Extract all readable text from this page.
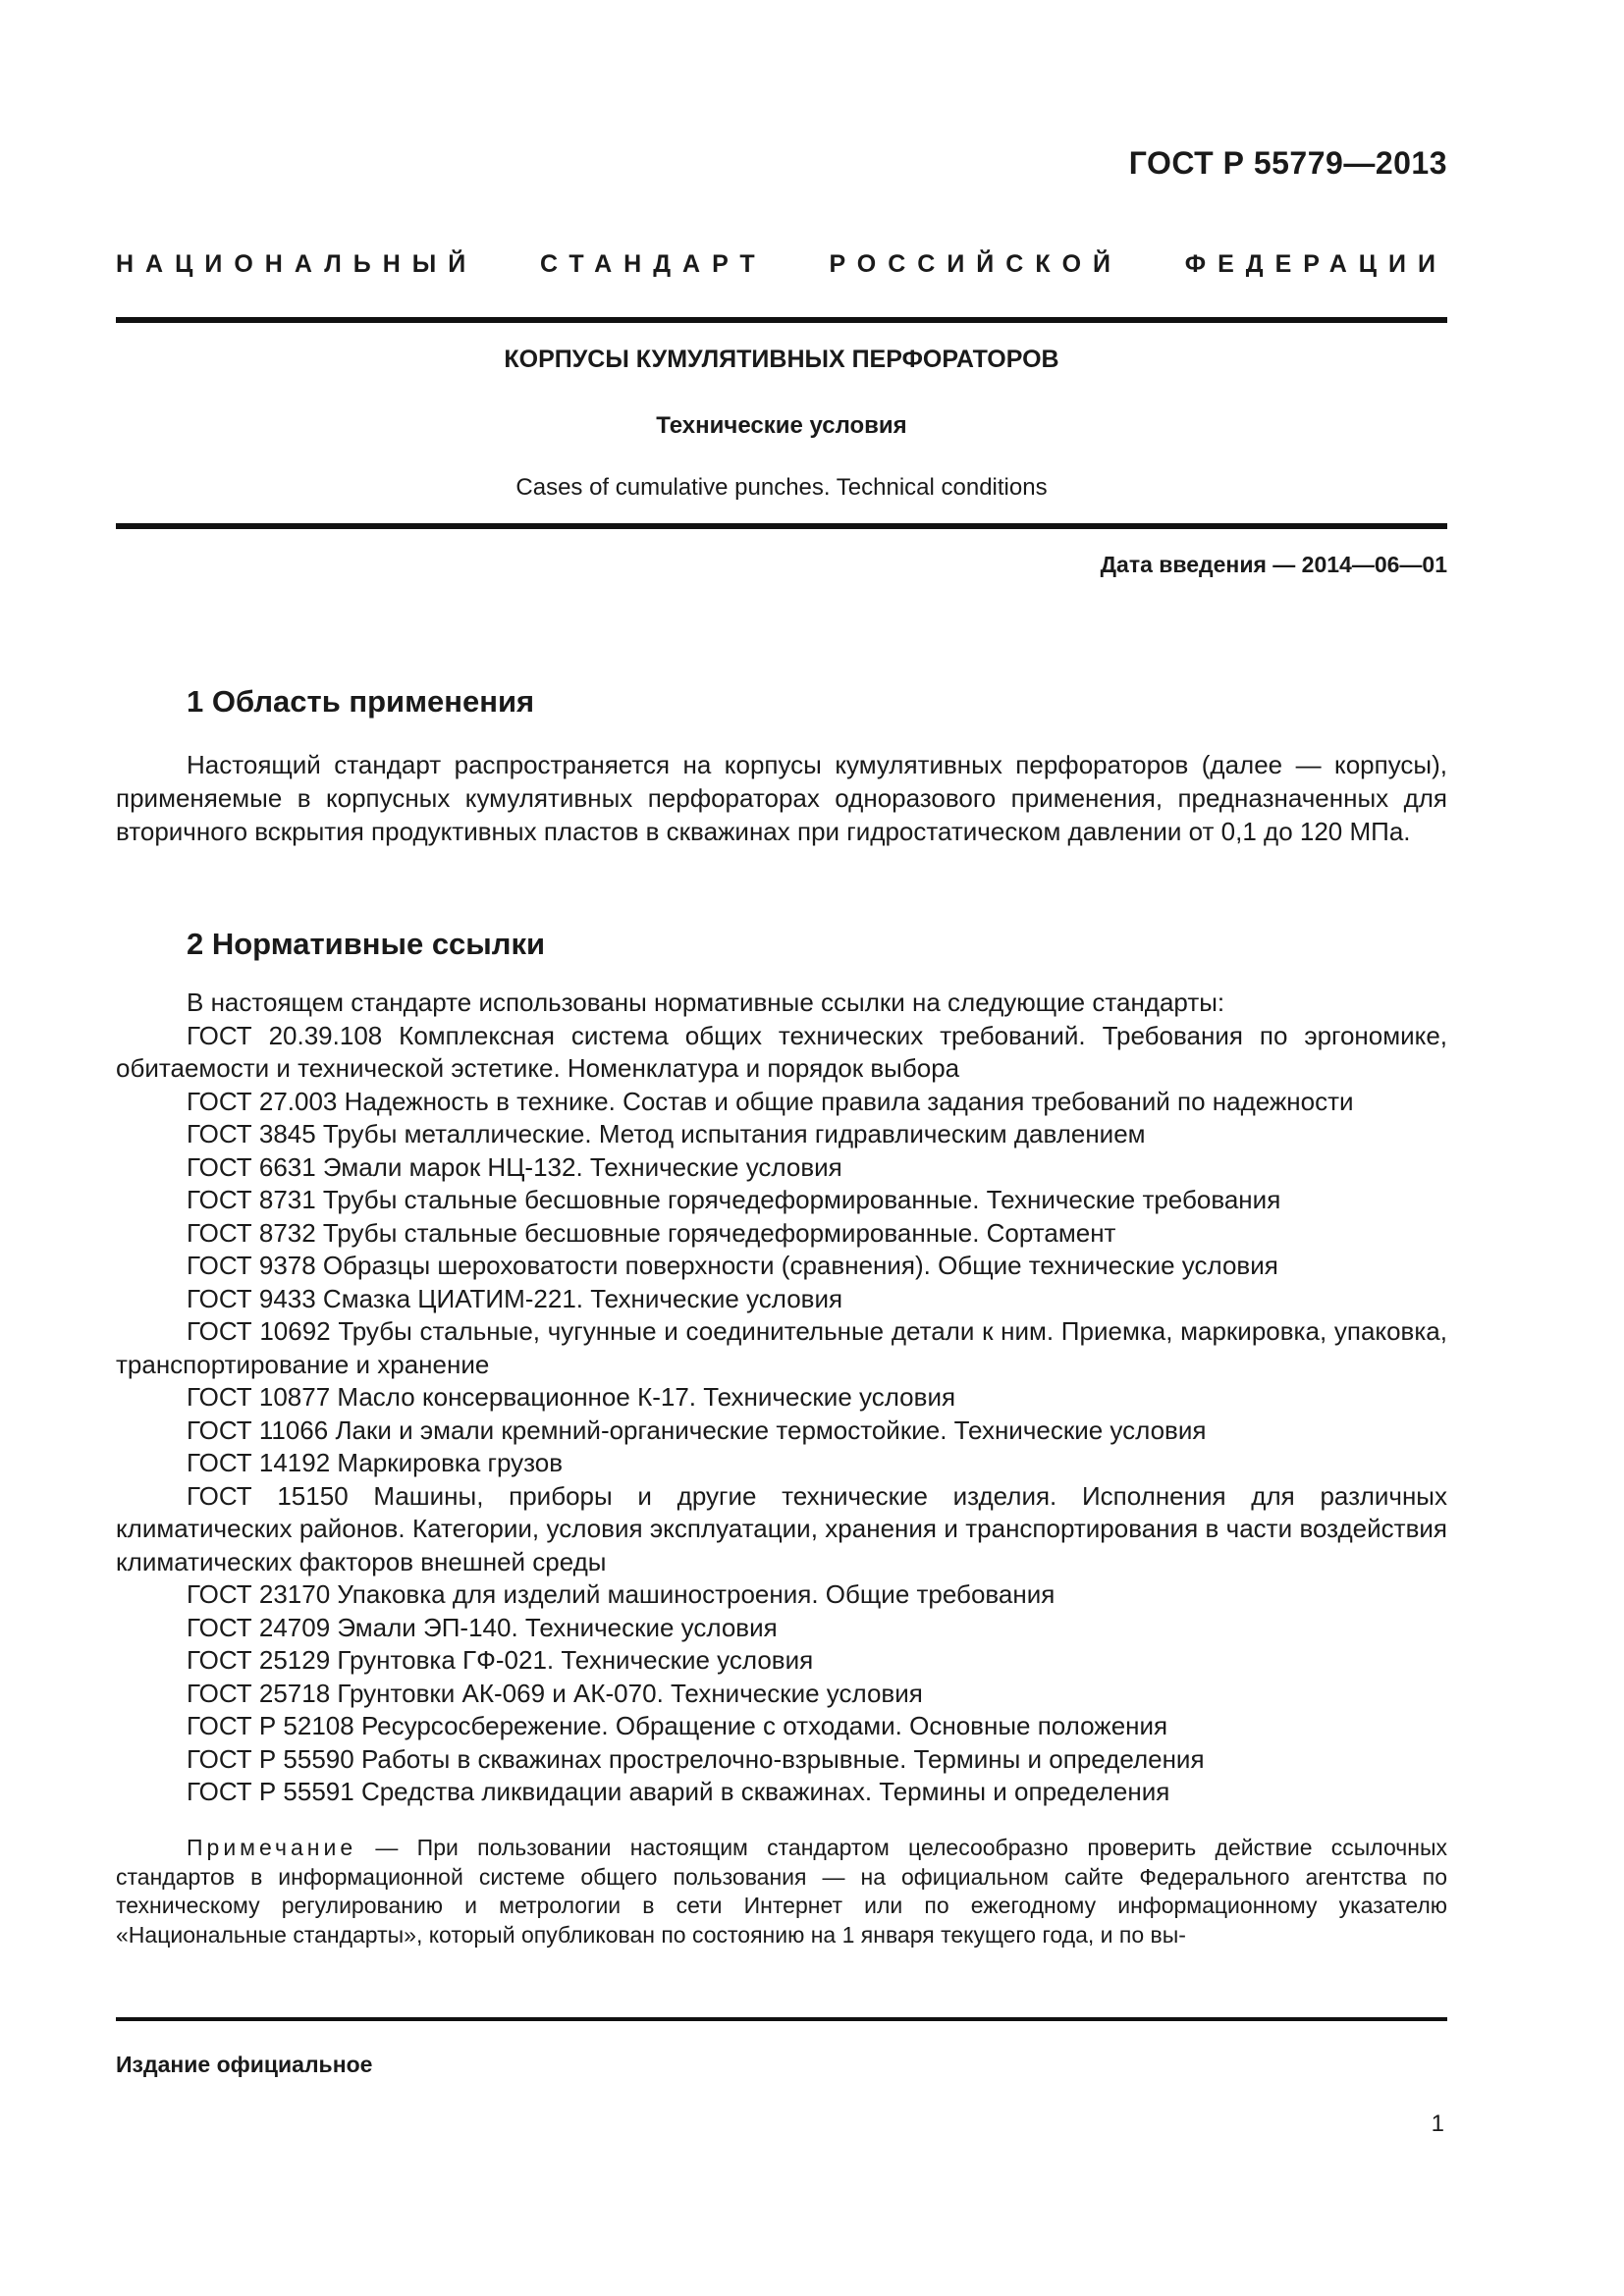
ГОСТ Р 55779—2013
НАЦИОНАЛЬНЫЙ СТАНДАРТ РОССИЙСКОЙ ФЕДЕРАЦИИ
КОРПУСЫ КУМУЛЯТИВНЫХ ПЕРФОРАТОРОВ
Технические условия
Cases of cumulative punches. Technical conditions
Дата введения — 2014—06—01
1 Область применения
Настоящий стандарт распространяется на корпусы кумулятивных перфораторов (далее — корпусы), применяемые в корпусных кумулятивных перфораторах одноразового применения, предназначенных для вторичного вскрытия продуктивных пластов в скважинах при гидростатическом давлении от 0,1 до 120 МПа.
2 Нормативные ссылки
В настоящем стандарте использованы нормативные ссылки на следующие стандарты:
ГОСТ 20.39.108 Комплексная система общих технических требований. Требования по эргономике, обитаемости и технической эстетике. Номенклатура и порядок выбора
ГОСТ 27.003 Надежность в технике. Состав и общие правила задания требований по надежности
ГОСТ 3845 Трубы металлические. Метод испытания гидравлическим давлением
ГОСТ 6631 Эмали марок НЦ-132. Технические условия
ГОСТ 8731 Трубы стальные бесшовные горячедеформированные. Технические требования
ГОСТ 8732 Трубы стальные бесшовные горячедеформированные. Сортамент
ГОСТ 9378 Образцы шероховатости поверхности (сравнения). Общие технические условия
ГОСТ 9433 Смазка ЦИАТИМ-221. Технические условия
ГОСТ 10692 Трубы стальные, чугунные и соединительные детали к ним. Приемка, маркировка, упаковка, транспортирование и хранение
ГОСТ 10877 Масло консервационное К-17. Технические условия
ГОСТ 11066 Лаки и эмали кремний-органические термостойкие. Технические условия
ГОСТ 14192 Маркировка грузов
ГОСТ 15150 Машины, приборы и другие технические изделия. Исполнения для различных климатических районов. Категории, условия эксплуатации, хранения и транспортирования в части воздействия климатических факторов внешней среды
ГОСТ 23170 Упаковка для изделий машиностроения. Общие требования
ГОСТ 24709 Эмали ЭП-140. Технические условия
ГОСТ 25129 Грунтовка ГФ-021. Технические условия
ГОСТ 25718 Грунтовки АК-069 и АК-070. Технические условия
ГОСТ Р 52108 Ресурсосбережение. Обращение с отходами. Основные положения
ГОСТ Р 55590 Работы в скважинах прострелочно-взрывные. Термины и определения
ГОСТ Р 55591 Средства ликвидации аварий в скважинах. Термины и определения
Примечание — При пользовании настоящим стандартом целесообразно проверить действие ссылочных стандартов в информационной системе общего пользования — на официальном сайте Федерального агентства по техническому регулированию и метрологии в сети Интернет или по ежегодному информационному указателю «Национальные стандарты», который опубликован по состоянию на 1 января текущего года, и по вы-
Издание официальное
1
